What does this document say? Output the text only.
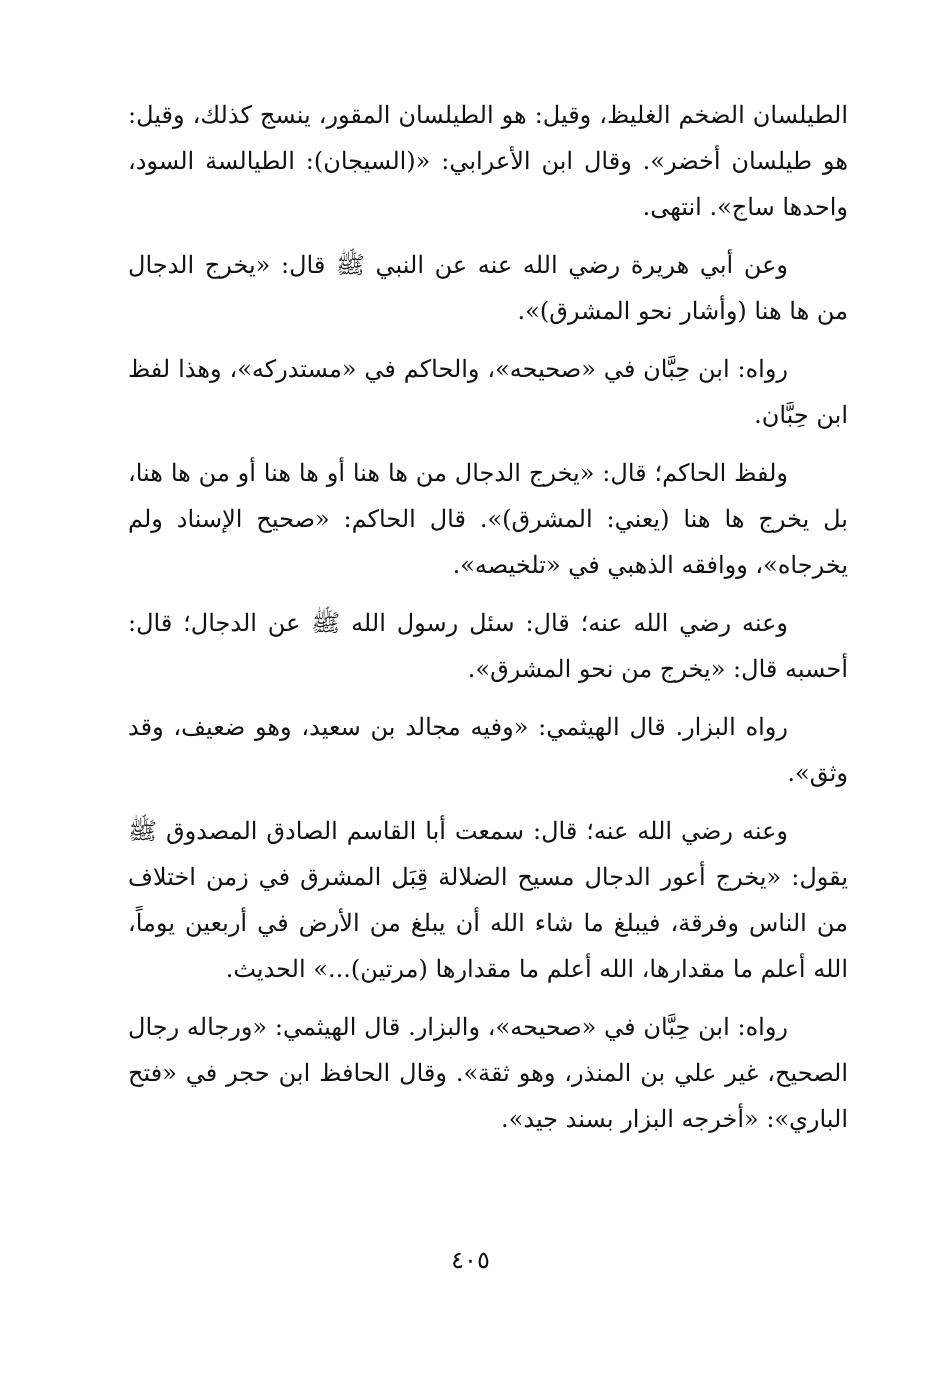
الطيلسان الضخم الغليظ، وقيل: هو الطيلسان المقور، ينسج كذلك، وقيل: هو طيلسان أخضر». وقال ابن الأعرابي: «(السيجان): الطيالسة السود، واحدها ساج». انتهى.

وعن أبي هريرة رضي الله عنه عن النبي ﷺ قال: «يخرج الدجال من ها هنا (وأشار نحو المشرق)».

رواه: ابن حِبَّان في «صحيحه»، والحاكم في «مستدركه»، وهذا لفظ ابن حِبَّان.

ولفظ الحاكم؛ قال: «يخرج الدجال من ها هنا أو ها هنا أو من ها هنا، بل يخرج ها هنا (يعني: المشرق)». قال الحاكم: «صحيح الإسناد ولم يخرجاه»، ووافقه الذهبي في «تلخيصه».

وعنه رضي الله عنه؛ قال: سئل رسول الله ﷺ عن الدجال؛ قال: أحسبه قال: «يخرج من نحو المشرق».

رواه البزار. قال الهيثمي: «وفيه مجالد بن سعيد، وهو ضعيف، وقد وثق».

وعنه رضي الله عنه؛ قال: سمعت أبا القاسم الصادق المصدوق ﷺ يقول: «يخرج أعور الدجال مسيح الضلالة قِبَل المشرق في زمن اختلاف من الناس وفرقة، فيبلغ ما شاء الله أن يبلغ من الأرض في أربعين يوماً، الله أعلم ما مقدارها، الله أعلم ما مقدارها (مرتين)...» الحديث.

رواه: ابن حِبَّان في «صحيحه»، والبزار. قال الهيثمي: «ورجاله رجال الصحيح، غير علي بن المنذر، وهو ثقة». وقال الحافظ ابن حجر في «فتح الباري»: «أخرجه البزار بسند جيد».

٤٠٥
